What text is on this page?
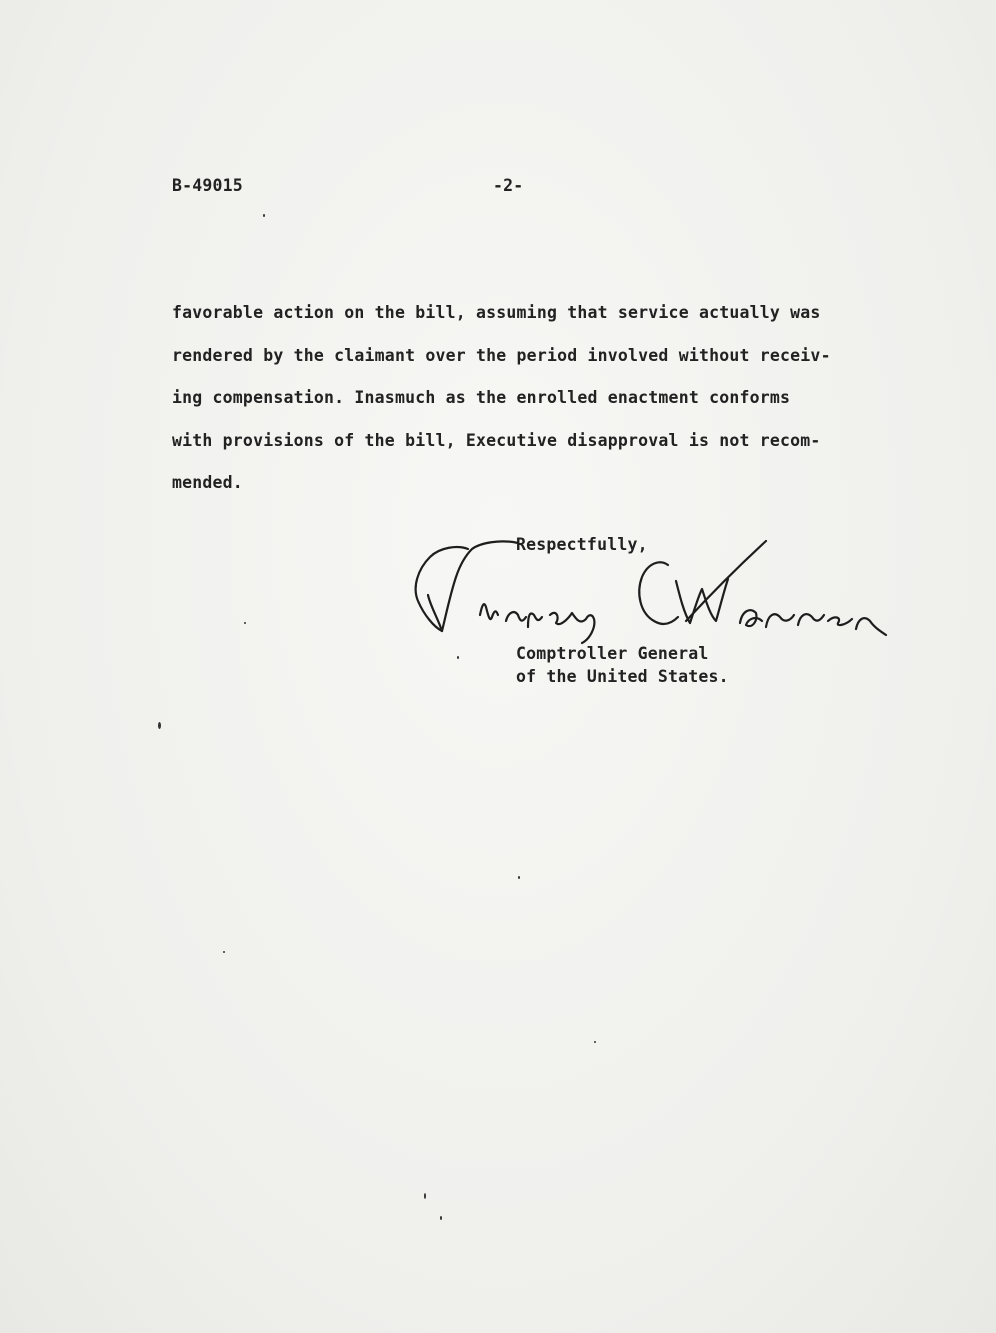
B-49015	-2-
favorable action on the bill, assuming that service actually was
rendered by the claimant over the period involved without receiv-
ing compensation. Inasmuch as the enrolled enactment conforms
with provisions of the bill, Executive disapproval is not recom-
mended.
Respectfully,
Comptroller General
of the United States.
